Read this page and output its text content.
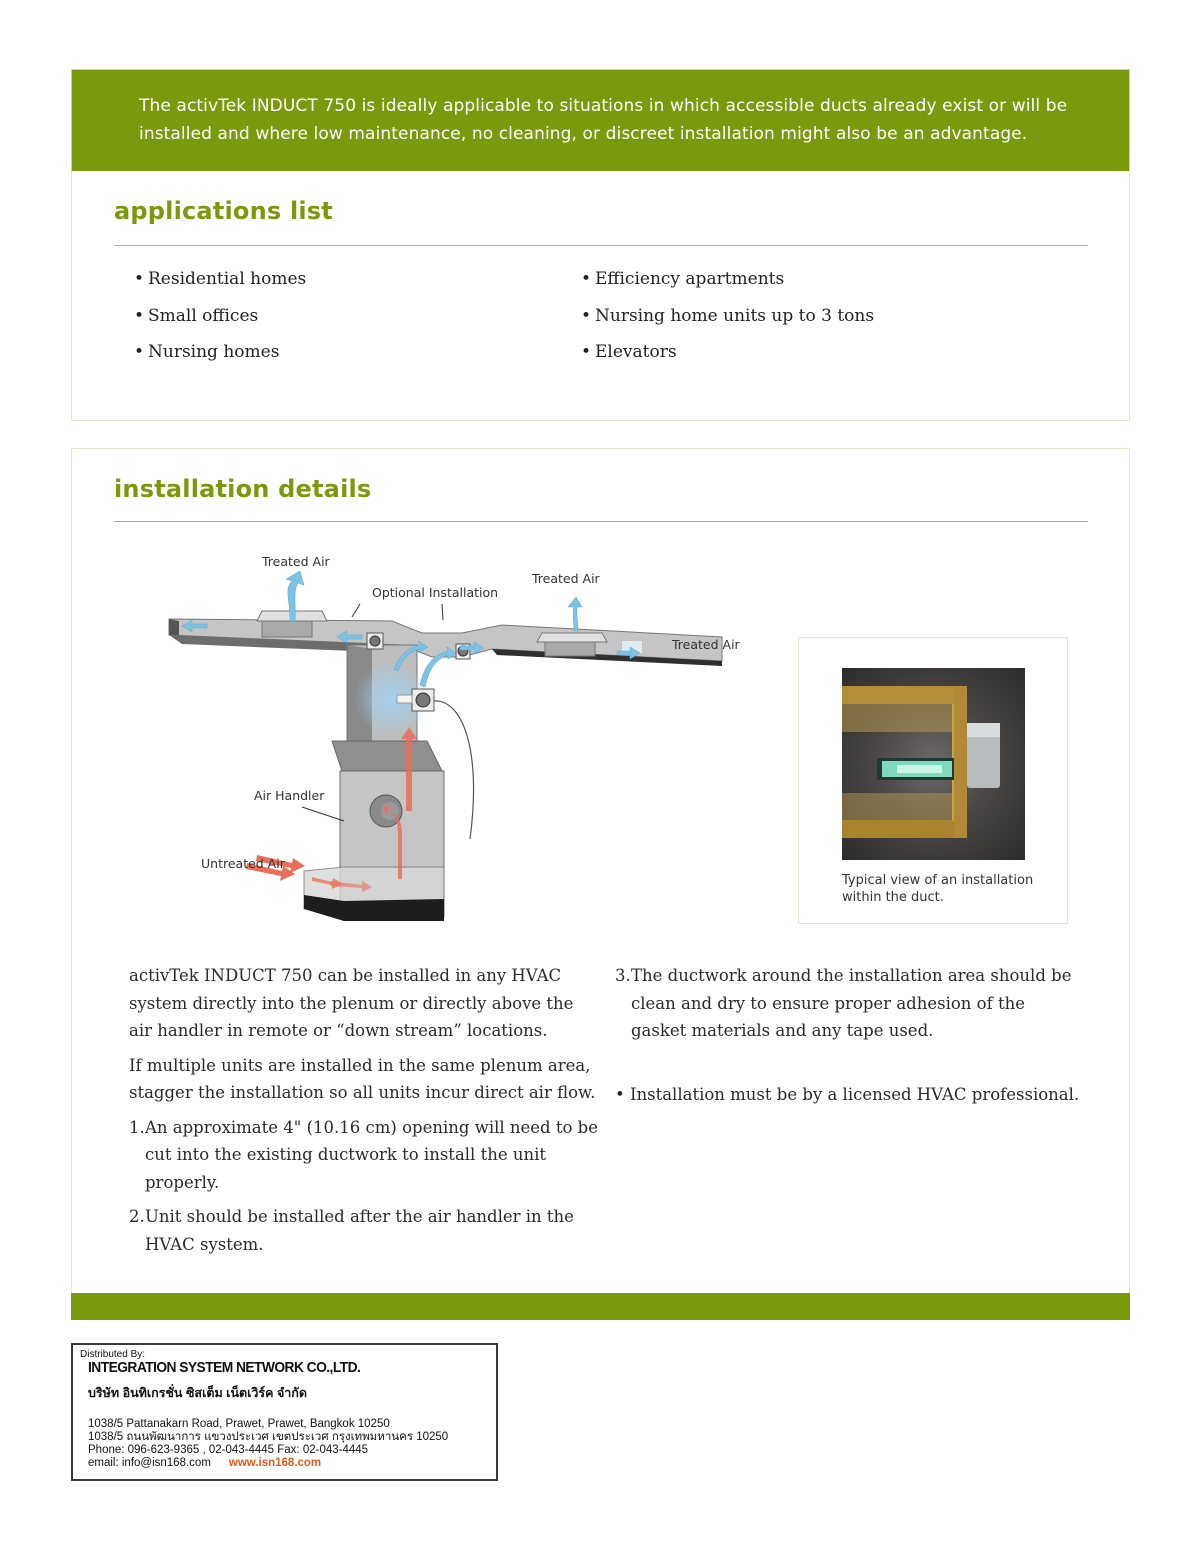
The activTek INDUCT 750 is ideally applicable to situations in which accessible ducts already exist or will be installed and where low maintenance, no cleaning, or discreet installation might also be an advantage.

applications list
• Residential homes
• Small offices
• Nursing homes
• Efficiency apartments
• Nursing home units up to 3 tons
• Elevators
installation details
Treated Air
Treated Air
Optional Installation
Treated Air
Air Handler
Untreated Air

Typical view of an installation within the duct.

activTek INDUCT 750 can be installed in any HVAC system directly into the plenum or directly above the air handler in remote or “down stream” locations.

If multiple units are installed in the same plenum area, stagger the installation so all units incur direct air flow.

1. An approximate 4" (10.16 cm) opening will need to be cut into the existing ductwork to install the unit properly.
2. Unit should be installed after the air handler in the HVAC system.
3. The ductwork around the installation area should be clean and dry to ensure proper adhesion of the gasket materials and any tape used.

• Installation must be by a licensed HVAC professional.

Distributed By:
INTEGRATION SYSTEM NETWORK CO.,LTD.
บริษัท อินทิเกรชั่น ซิสเต็ม เน็ตเวิร์ค จำกัด
1038/5 Pattanakarn Road, Prawet, Prawet, Bangkok 10250
1038/5 ถนนพัฒนาการ แขวงประเวศ เขตประเวศ กรุงเทพมหานคร 10250
Phone: 096-623-9365 , 02-043-4445 Fax: 02-043-4445
email: info@isn168.com www.isn168.com
